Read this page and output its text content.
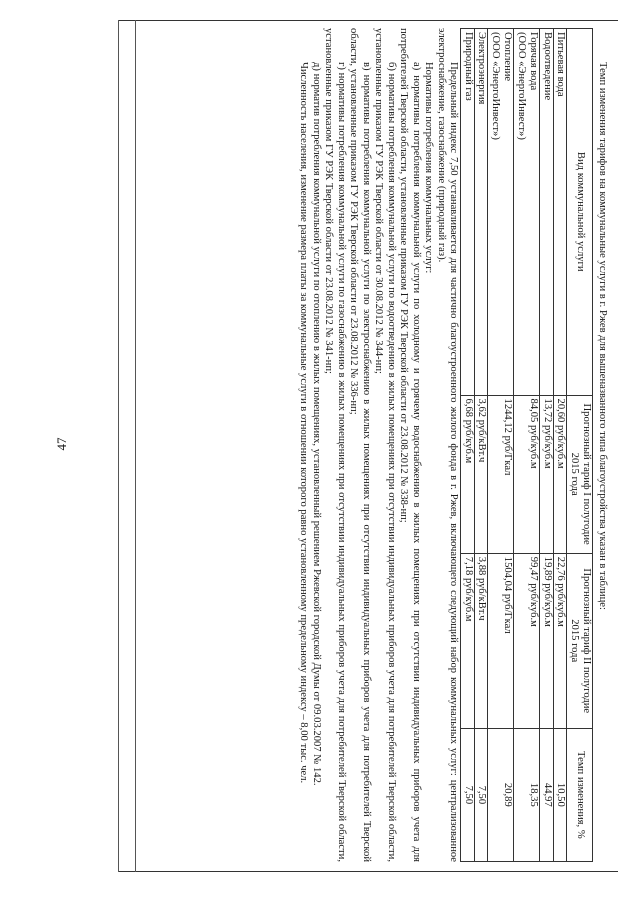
47	Темп изменения тарифов на коммунальные услуги в г. Ржев для вышеназванного типа благоустройства указан в таблице:

Вид коммунальной услуги	Прогнозный тариф I полугодие 2015 года	Прогнозный тариф II полугодие 2015 года	Темп изменения, %
Питьевая вода	20,60 руб/куб.м	22,76 руб/куб.м	10,50
Водоотведение	13,72 руб/куб.м	19,89 руб/куб.м	44,97

Горячая вода
(ООО «ЭнергоИнвест»)	84,05 руб/куб.м	99,47 руб/куб.м	18,35

Отопление
(ООО «ЭнергоИнвест»)	1244,12 руб/Гкал	1504,04 руб/Гкал	20,89
Электроэнергия	3,62 руб/кВт.ч	3,88 руб/кВт.ч	7,50
Природный газ	6,68 руб/куб.м	7,18 руб/куб.м	7,50

Предельный индекс 7,50 устанавливается для частично благоустроенного жилого фонда в г. Ржев, включающего следующий набор коммунальных услуг: централизованное электроснабжение, газоснабжение (природный газ).

Нормативы потребления коммунальных услуг:

а) нормативы потребления коммунальной услуги по холодному и горячему водоснабжению в жилых помещениях при отсутствии индивидуальных приборов учета для потребителей Тверской области, установленные приказом ГУ РЭК Тверской области от 23.08.2012 № 338-нп;

б) нормативы потребления коммунальной услуги по водоотведению в жилых помещениях при отсутствии индивидуальных приборов учета для потребителей Тверской области, установленные приказом ГУ РЭК Тверской области от 30.08.2012 № 344-нп;

в) нормативы потребления коммунальной услуги по электроснабжению в жилых помещениях при отсутствии индивидуальных приборов учета для потребителей Тверской области, установленные приказом ГУ РЭК Тверской области от 23.08.2012 № 336-нп;

г) нормативы потребления коммунальной услуги по газоснабжению в жилых помещениях при отсутствии индивидуальных приборов учета для потребителей Тверской области, установленные приказом ГУ РЭК Тверской области от 23.08.2012 № 341-нп;

д) норматив потребления коммунальной услуги по отоплению в жилых помещениях, установленный решением Ржевской городской Думы от 09.03.2007 № 142.

Численность населения, изменение размера платы за коммунальные услуги в отношении которого равно установленному предельному индексу – 8,00 тыс. чел.
